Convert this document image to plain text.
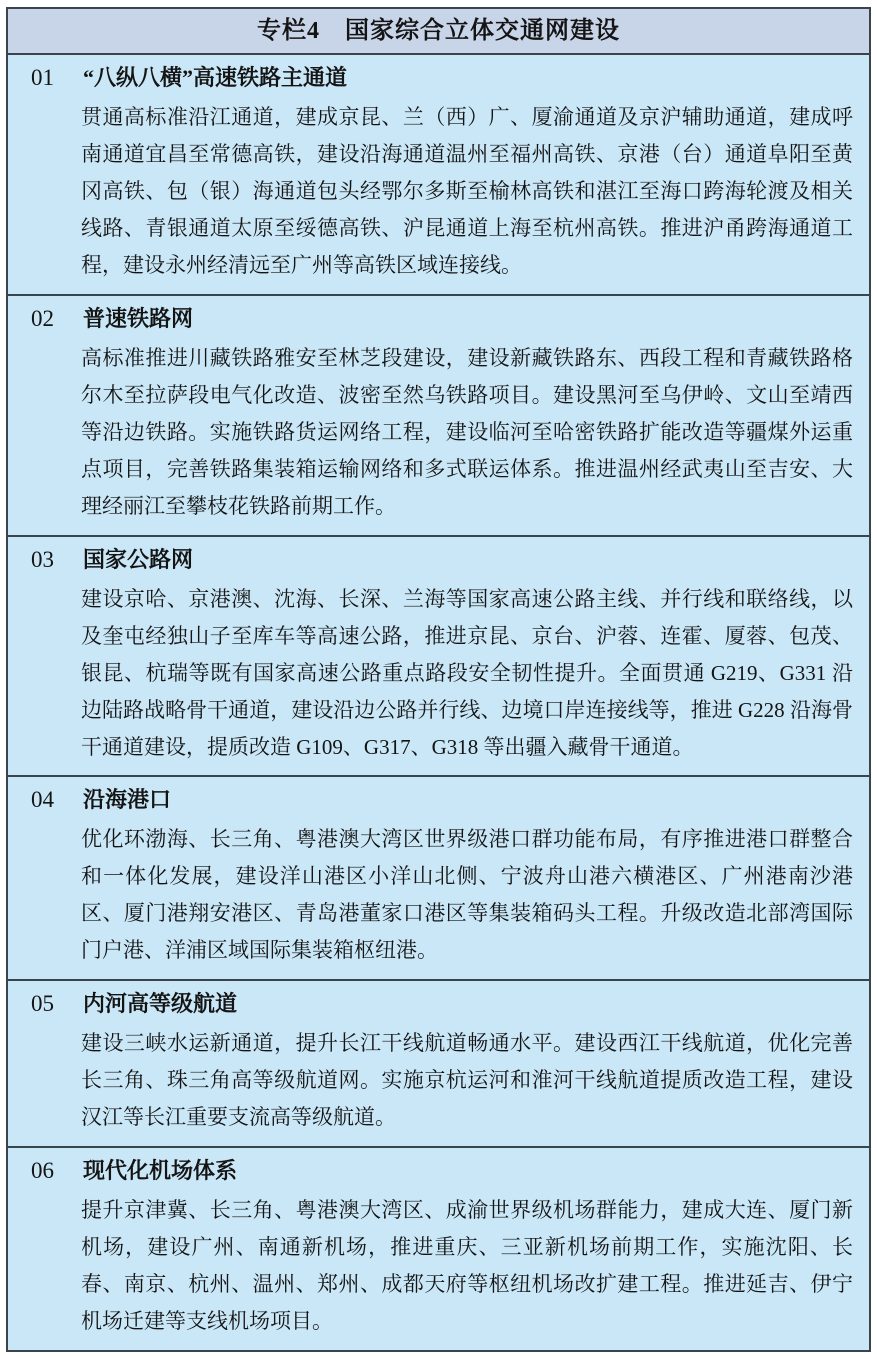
专栏4　国家综合立体交通网建设
01	“八纵八横”高速铁路主通道

贯通高标准沿江通道，建成京昆、兰（西）广、厦渝通道及京沪辅助通道，建成呼南通道宜昌至常德高铁，建设沿海通道温州至福州高铁、京港（台）通道阜阳至黄冈高铁、包（银）海通道包头经鄂尔多斯至榆林高铁和湛江至海口跨海轮渡及相关线路、青银通道太原至绥德高铁、沪昆通道上海至杭州高铁。推进沪甬跨海通道工程，建设永州经清远至广州等高铁区域连接线。

02	普速铁路网

高标准推进川藏铁路雅安至林芝段建设，建设新藏铁路东、西段工程和青藏铁路格尔木至拉萨段电气化改造、波密至然乌铁路项目。建设黑河至乌伊岭、文山至靖西等沿边铁路。实施铁路货运网络工程，建设临河至哈密铁路扩能改造等疆煤外运重点项目，完善铁路集装箱运输网络和多式联运体系。推进温州经武夷山至吉安、大理经丽江至攀枝花铁路前期工作。

03	国家公路网

建设京哈、京港澳、沈海、长深、兰海等国家高速公路主线、并行线和联络线，以及奎屯经独山子至库车等高速公路，推进京昆、京台、沪蓉、连霍、厦蓉、包茂、银昆、杭瑞等既有国家高速公路重点路段安全韧性提升。全面贯通 G219、G331 沿边陆路战略骨干通道，建设沿边公路并行线、边境口岸连接线等，推进 G228 沿海骨干通道建设，提质改造 G109、G317、G318 等出疆入藏骨干通道。

04	沿海港口

优化环渤海、长三角、粤港澳大湾区世界级港口群功能布局，有序推进港口群整合和一体化发展，建设洋山港区小洋山北侧、宁波舟山港六横港区、广州港南沙港区、厦门港翔安港区、青岛港董家口港区等集装箱码头工程。升级改造北部湾国际门户港、洋浦区域国际集装箱枢纽港。

05	内河高等级航道

建设三峡水运新通道，提升长江干线航道畅通水平。建设西江干线航道，优化完善长三角、珠三角高等级航道网。实施京杭运河和淮河干线航道提质改造工程，建设汉江等长江重要支流高等级航道。

06	现代化机场体系

提升京津冀、长三角、粤港澳大湾区、成渝世界级机场群能力，建成大连、厦门新机场，建设广州、南通新机场，推进重庆、三亚新机场前期工作，实施沈阳、长春、南京、杭州、温州、郑州、成都天府等枢纽机场改扩建工程。推进延吉、伊宁机场迁建等支线机场项目。
